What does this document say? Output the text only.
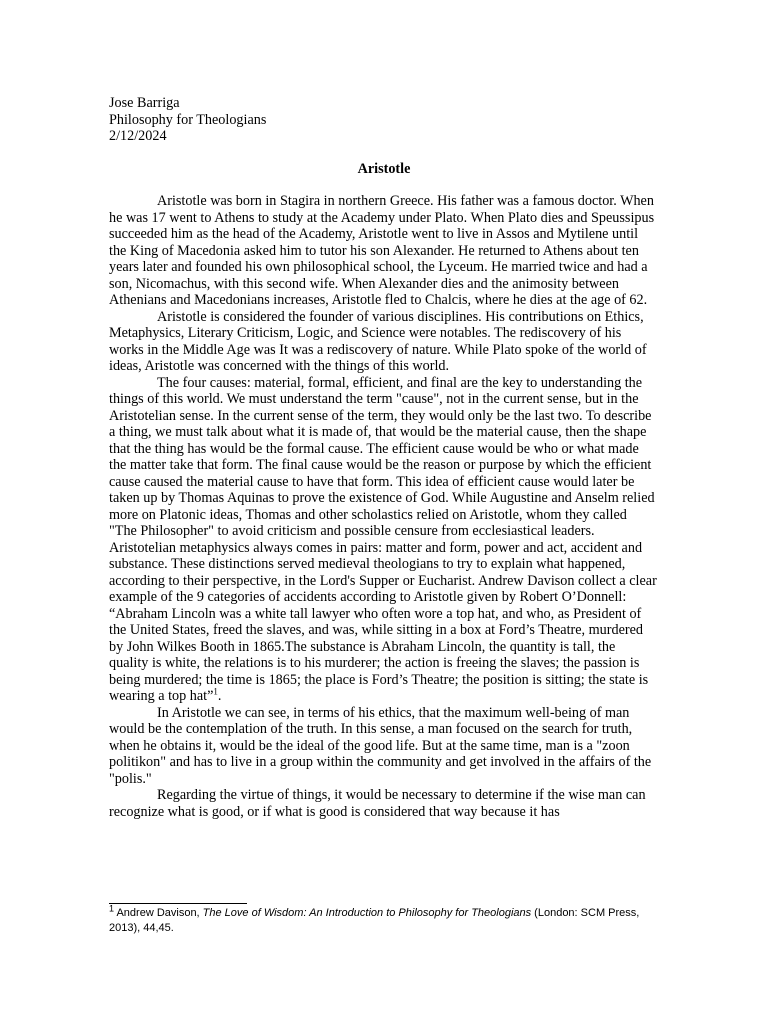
Jose Barriga
Philosophy for Theologians
2/12/2024
Aristotle

Aristotle was born in Stagira in northern Greece. His father was a famous doctor. When he was 17 went to Athens to study at the Academy under Plato. When Plato dies and Speussipus succeeded him as the head of the Academy, Aristotle went to live in Assos and Mytilene until the King of Macedonia asked him to tutor his son Alexander. He returned to Athens about ten years later and founded his own philosophical school, the Lyceum. He married twice and had a son, Nicomachus, with this second wife. When Alexander dies and the animosity between Athenians and Macedonians increases, Aristotle fled to Chalcis, where he dies at the age of 62.

Aristotle is considered the founder of various disciplines. His contributions on Ethics, Metaphysics, Literary Criticism, Logic, and Science were notables. The rediscovery of his works in the Middle Age was It was a rediscovery of nature. While Plato spoke of the world of ideas, Aristotle was concerned with the things of this world.

The four causes: material, formal, efficient, and final are the key to understanding the things of this world. We must understand the term "cause", not in the current sense, but in the Aristotelian sense. In the current sense of the term, they would only be the last two. To describe a thing, we must talk about what it is made of, that would be the material cause, then the shape that the thing has would be the formal cause. The efficient cause would be who or what made the matter take that form. The final cause would be the reason or purpose by which the efficient cause caused the material cause to have that form. This idea of efficient cause would later be taken up by Thomas Aquinas to prove the existence of God. While Augustine and Anselm relied more on Platonic ideas, Thomas and other scholastics relied on Aristotle, whom they called "The Philosopher" to avoid criticism and possible censure from ecclesiastical leaders. Aristotelian metaphysics always comes in pairs: matter and form, power and act, accident and substance. These distinctions served medieval theologians to try to explain what happened, according to their perspective, in the Lord's Supper or Eucharist. Andrew Davison collect a clear example of the 9 categories of accidents according to Aristotle given by Robert O’Donnell: “Abraham Lincoln was a white tall lawyer who often wore a top hat, and who, as President of the United States, freed the slaves, and was, while sitting in a box at Ford’s Theatre, murdered by John Wilkes Booth in 1865.The substance is Abraham Lincoln, the quantity is tall, the quality is white, the relations is to his murderer; the action is freeing the slaves; the passion is being murdered; the time is 1865; the place is Ford’s Theatre; the position is sitting; the state is wearing a top hat”$^1$.

In Aristotle we can see, in terms of his ethics, that the maximum well-being of man would be the contemplation of the truth. In this sense, a man focused on the search for truth, when he obtains it, would be the ideal of the good life. But at the same time, man is a "zoon politikon" and has to live in a group within the community and get involved in the affairs of the "polis."

Regarding the virtue of things, it would be necessary to determine if the wise man can recognize what is good, or if what is good is considered that way because it has

$^1$ Andrew Davison, The Love of Wisdom: An Introduction to Philosophy for Theologians (London: SCM Press, 2013), 44,45.
